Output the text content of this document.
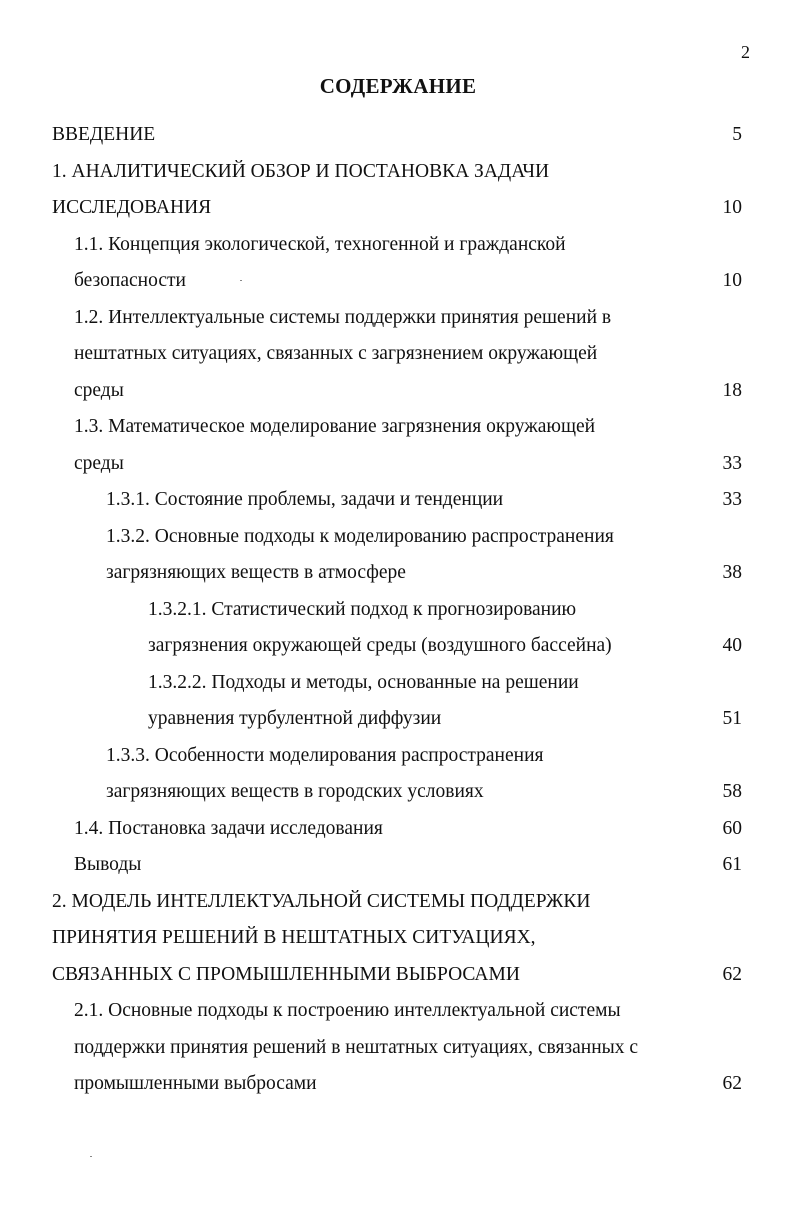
2
СОДЕРЖАНИЕ
ВВЕДЕНИЕ	5
1. АНАЛИТИЧЕСКИЙ ОБЗОР И ПОСТАНОВКА ЗАДАЧИ
ИССЛЕДОВАНИЯ	10
1.1. Концепция экологической, техногенной и гражданской
безопасности	10
1.2. Интеллектуальные системы поддержки принятия решений в
нештатных ситуациях, связанных с загрязнением окружающей
среды	18
1.3. Математическое моделирование загрязнения окружающей
среды	33
1.3.1. Состояние проблемы, задачи и тенденции	33
1.3.2. Основные подходы к моделированию распространения
загрязняющих веществ в атмосфере	38
1.3.2.1. Статистический подход к прогнозированию
загрязнения окружающей среды (воздушного бассейна)	40
1.3.2.2. Подходы и методы, основанные на решении
уравнения турбулентной диффузии	51
1.3.3. Особенности моделирования распространения
загрязняющих веществ в городских условиях	58
1.4. Постановка задачи исследования	60
Выводы	61
2. МОДЕЛЬ ИНТЕЛЛЕКТУАЛЬНОЙ СИСТЕМЫ ПОДДЕРЖКИ
ПРИНЯТИЯ РЕШЕНИЙ В НЕШТАТНЫХ СИТУАЦИЯХ,
СВЯЗАННЫХ С ПРОМЫШЛЕННЫМИ ВЫБРОСАМИ	62
2.1. Основные подходы к построению интеллектуальной системы
поддержки принятия решений в нештатных ситуациях, связанных с
промышленными выбросами	62
